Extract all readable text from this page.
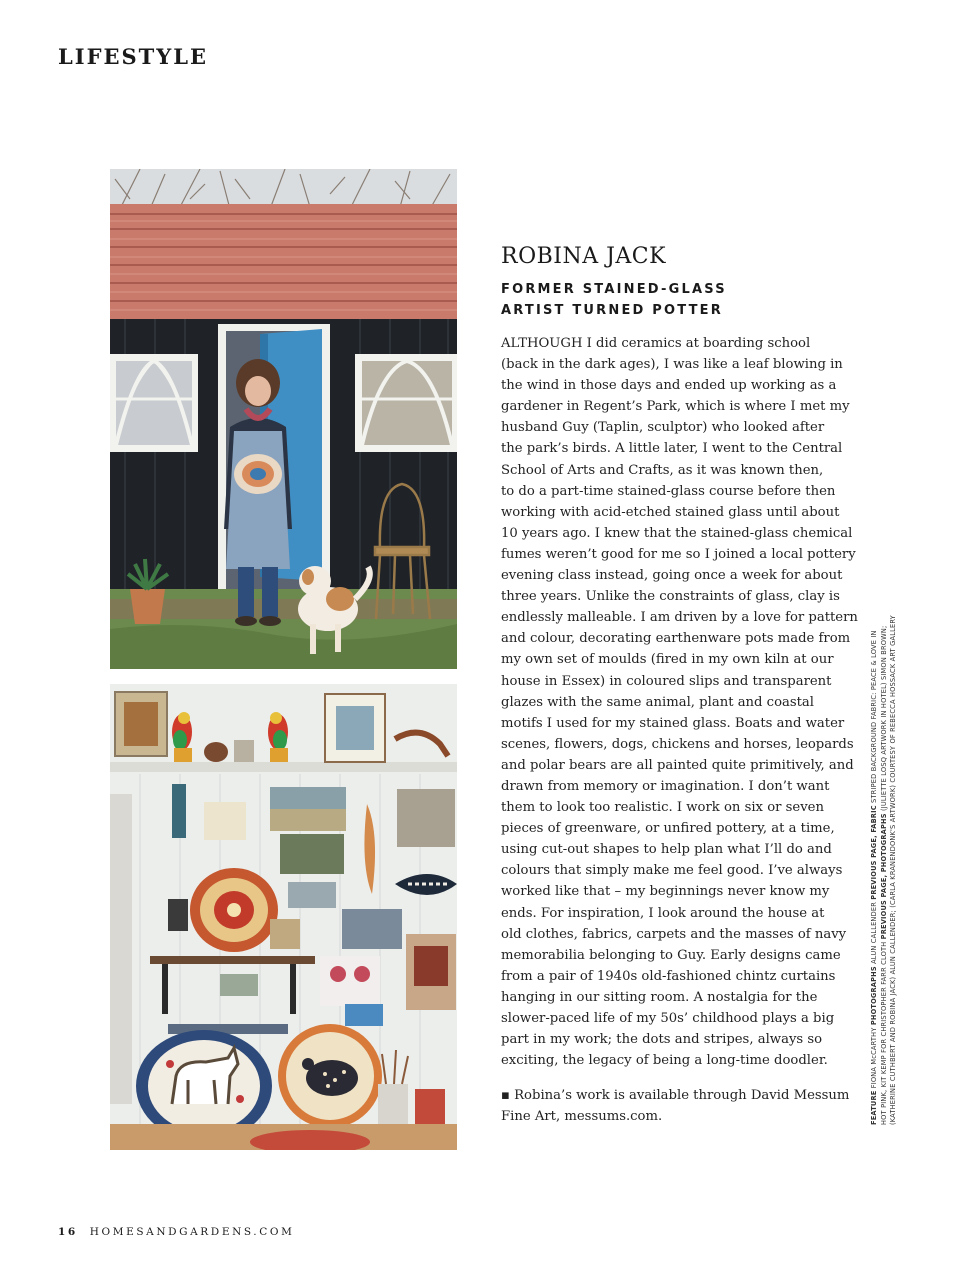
LIFESTYLE
ROBINA JACK
FORMER STAINED-GLASS
ARTIST TURNED POTTER
ALTHOUGH I did ceramics at boarding school
(back in the dark ages), I was like a leaf blowing in
the wind in those days and ended up working as a
gardener in Regent’s Park, which is where I met my
husband Guy (Taplin, sculptor) who looked after
the park’s birds. A little later, I went to the Central
School of Arts and Crafts, as it was known then,
to do a part-time stained-glass course before then
working with acid-etched stained glass until about
10 years ago. I knew that the stained-glass chemical
fumes weren’t good for me so I joined a local pottery
evening class instead, going once a week for about
three years. Unlike the constraints of glass, clay is
endlessly malleable. I am driven by a love for pattern
and colour, decorating earthenware pots made from
my own set of moulds (fired in my own kiln at our
house in Essex) in coloured slips and transparent
glazes with the same animal, plant and coastal
motifs I used for my stained glass. Boats and water
scenes, flowers, dogs, chickens and horses, leopards
and polar bears are all painted quite primitively, and
drawn from memory or imagination. I don’t want
them to look too realistic. I work on six or seven
pieces of greenware, or unfired pottery, at a time,
using cut-out shapes to help plan what I’ll do and
colours that simply make me feel good. I’ve always
worked like that – my beginnings never know my
ends. For inspiration, I look around the house at
old clothes, fabrics, carpets and the masses of navy
memorabilia belonging to Guy. Early designs came
from a pair of 1940s old-fashioned chintz curtains
hanging in our sitting room. A nostalgia for the
slower-paced life of my 50s’ childhood plays a big
part in my work; the dots and stripes, always so
exciting, the legacy of being a long-time doodler.
▪ Robina’s work is available through David Messum
Fine Art, messums.com.	FEATURE FIONA McCARTHY PHOTOGRAPHS ALUN CALLENDER PREVIOUS PAGE, FABRIC STRIPED BACKGROUND FABRIC: PEACE & LOVE IN
HOT PINK, KIT KEMP FOR CHRISTOPHER FARR CLOTH PREVIOUS PAGE, PHOTOGRAPHS (JULIETTE LOSQ ARTWORK IN HOTEL) SIMON BROWN; (KATHERINE CUTHBERT AND ROBINA JACK) ALUN CALLENDER; (CARLA KRANENDONK'S ARTWORK) COURTESY OF REBECCA HOSSACK ART GALLERY
16 HOMESANDGARDENS.COM
